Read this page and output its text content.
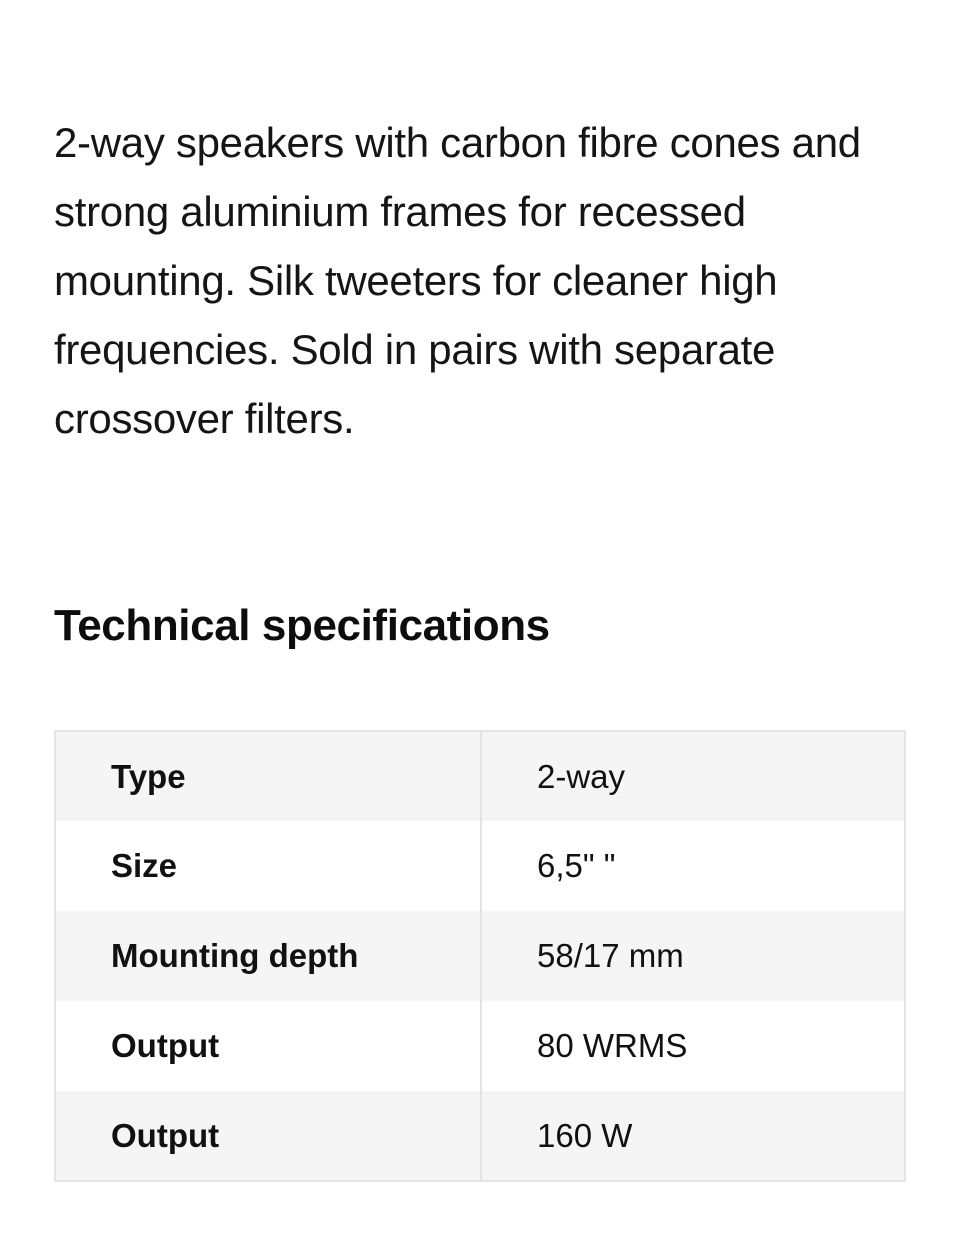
2-way speakers with carbon fibre cones and strong aluminium frames for recessed mounting. Silk tweeters for cleaner high frequencies. Sold in pairs with separate crossover filters.

Technical specifications
Type	2-way
Size	6,5" "
Mounting depth	58/17 mm
Output	80 WRMS
Output	160 W
